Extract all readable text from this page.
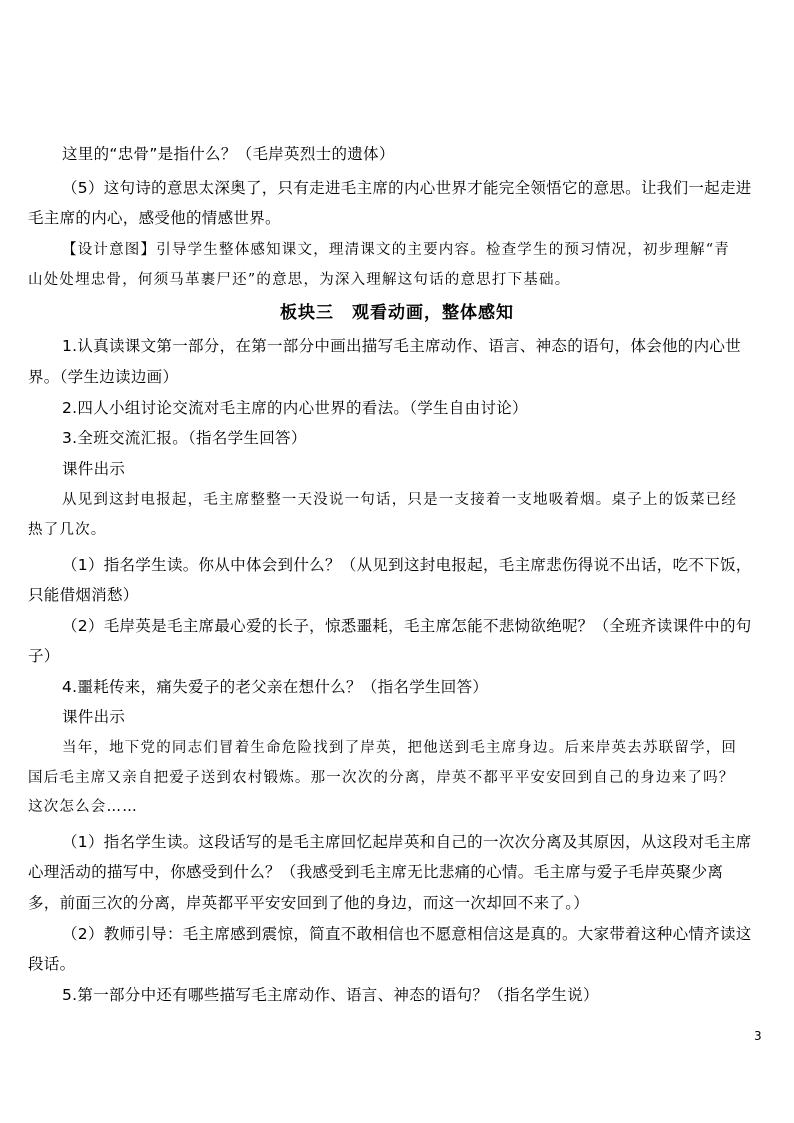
这里的“忠骨”是指什么？（毛岸英烈士的遗体）
（5）这句诗的意思太深奥了，只有走进毛主席的内心世界才能完全领悟它的意思。让我们一起走进
毛主席的内心，感受他的情感世界。
【设计意图】引导学生整体感知课文，理清课文的主要内容。检查学生的预习情况，初步理解“青
山处处埋忠骨，何须马革裹尸还”的意思，为深入理解这句话的意思打下基础。
板块三　观看动画，整体感知
1.认真读课文第一部分，在第一部分中画出描写毛主席动作、语言、神态的语句，体会他的内心世
界。（学生边读边画）
2.四人小组讨论交流对毛主席的内心世界的看法。（学生自由讨论）
3.全班交流汇报。（指名学生回答）
课件出示
从见到这封电报起，毛主席整整一天没说一句话，只是一支接着一支地吸着烟。桌子上的饭菜已经
热了几次。
（1）指名学生读。你从中体会到什么？（从见到这封电报起，毛主席悲伤得说不出话，吃不下饭，
只能借烟消愁）
（2）毛岸英是毛主席最心爱的长子，惊悉噩耗，毛主席怎能不悲恸欲绝呢？（全班齐读课件中的句
子）
4.噩耗传来，痛失爱子的老父亲在想什么？（指名学生回答）
课件出示
当年，地下党的同志们冒着生命危险找到了岸英，把他送到毛主席身边。后来岸英去苏联留学，回
国后毛主席又亲自把爱子送到农村锻炼。那一次次的分离，岸英不都平平安安回到自己的身边来了吗？
这次怎么会……
（1）指名学生读。这段话写的是毛主席回忆起岸英和自己的一次次分离及其原因，从这段对毛主席
心理活动的描写中，你感受到什么？（我感受到毛主席无比悲痛的心情。毛主席与爱子毛岸英聚少离
多，前面三次的分离，岸英都平平安安回到了他的身边，而这一次却回不来了。）
（2）教师引导：毛主席感到震惊，简直不敢相信也不愿意相信这是真的。大家带着这种心情齐读这
段话。
5.第一部分中还有哪些描写毛主席动作、语言、神态的语句？（指名学生说）
3
